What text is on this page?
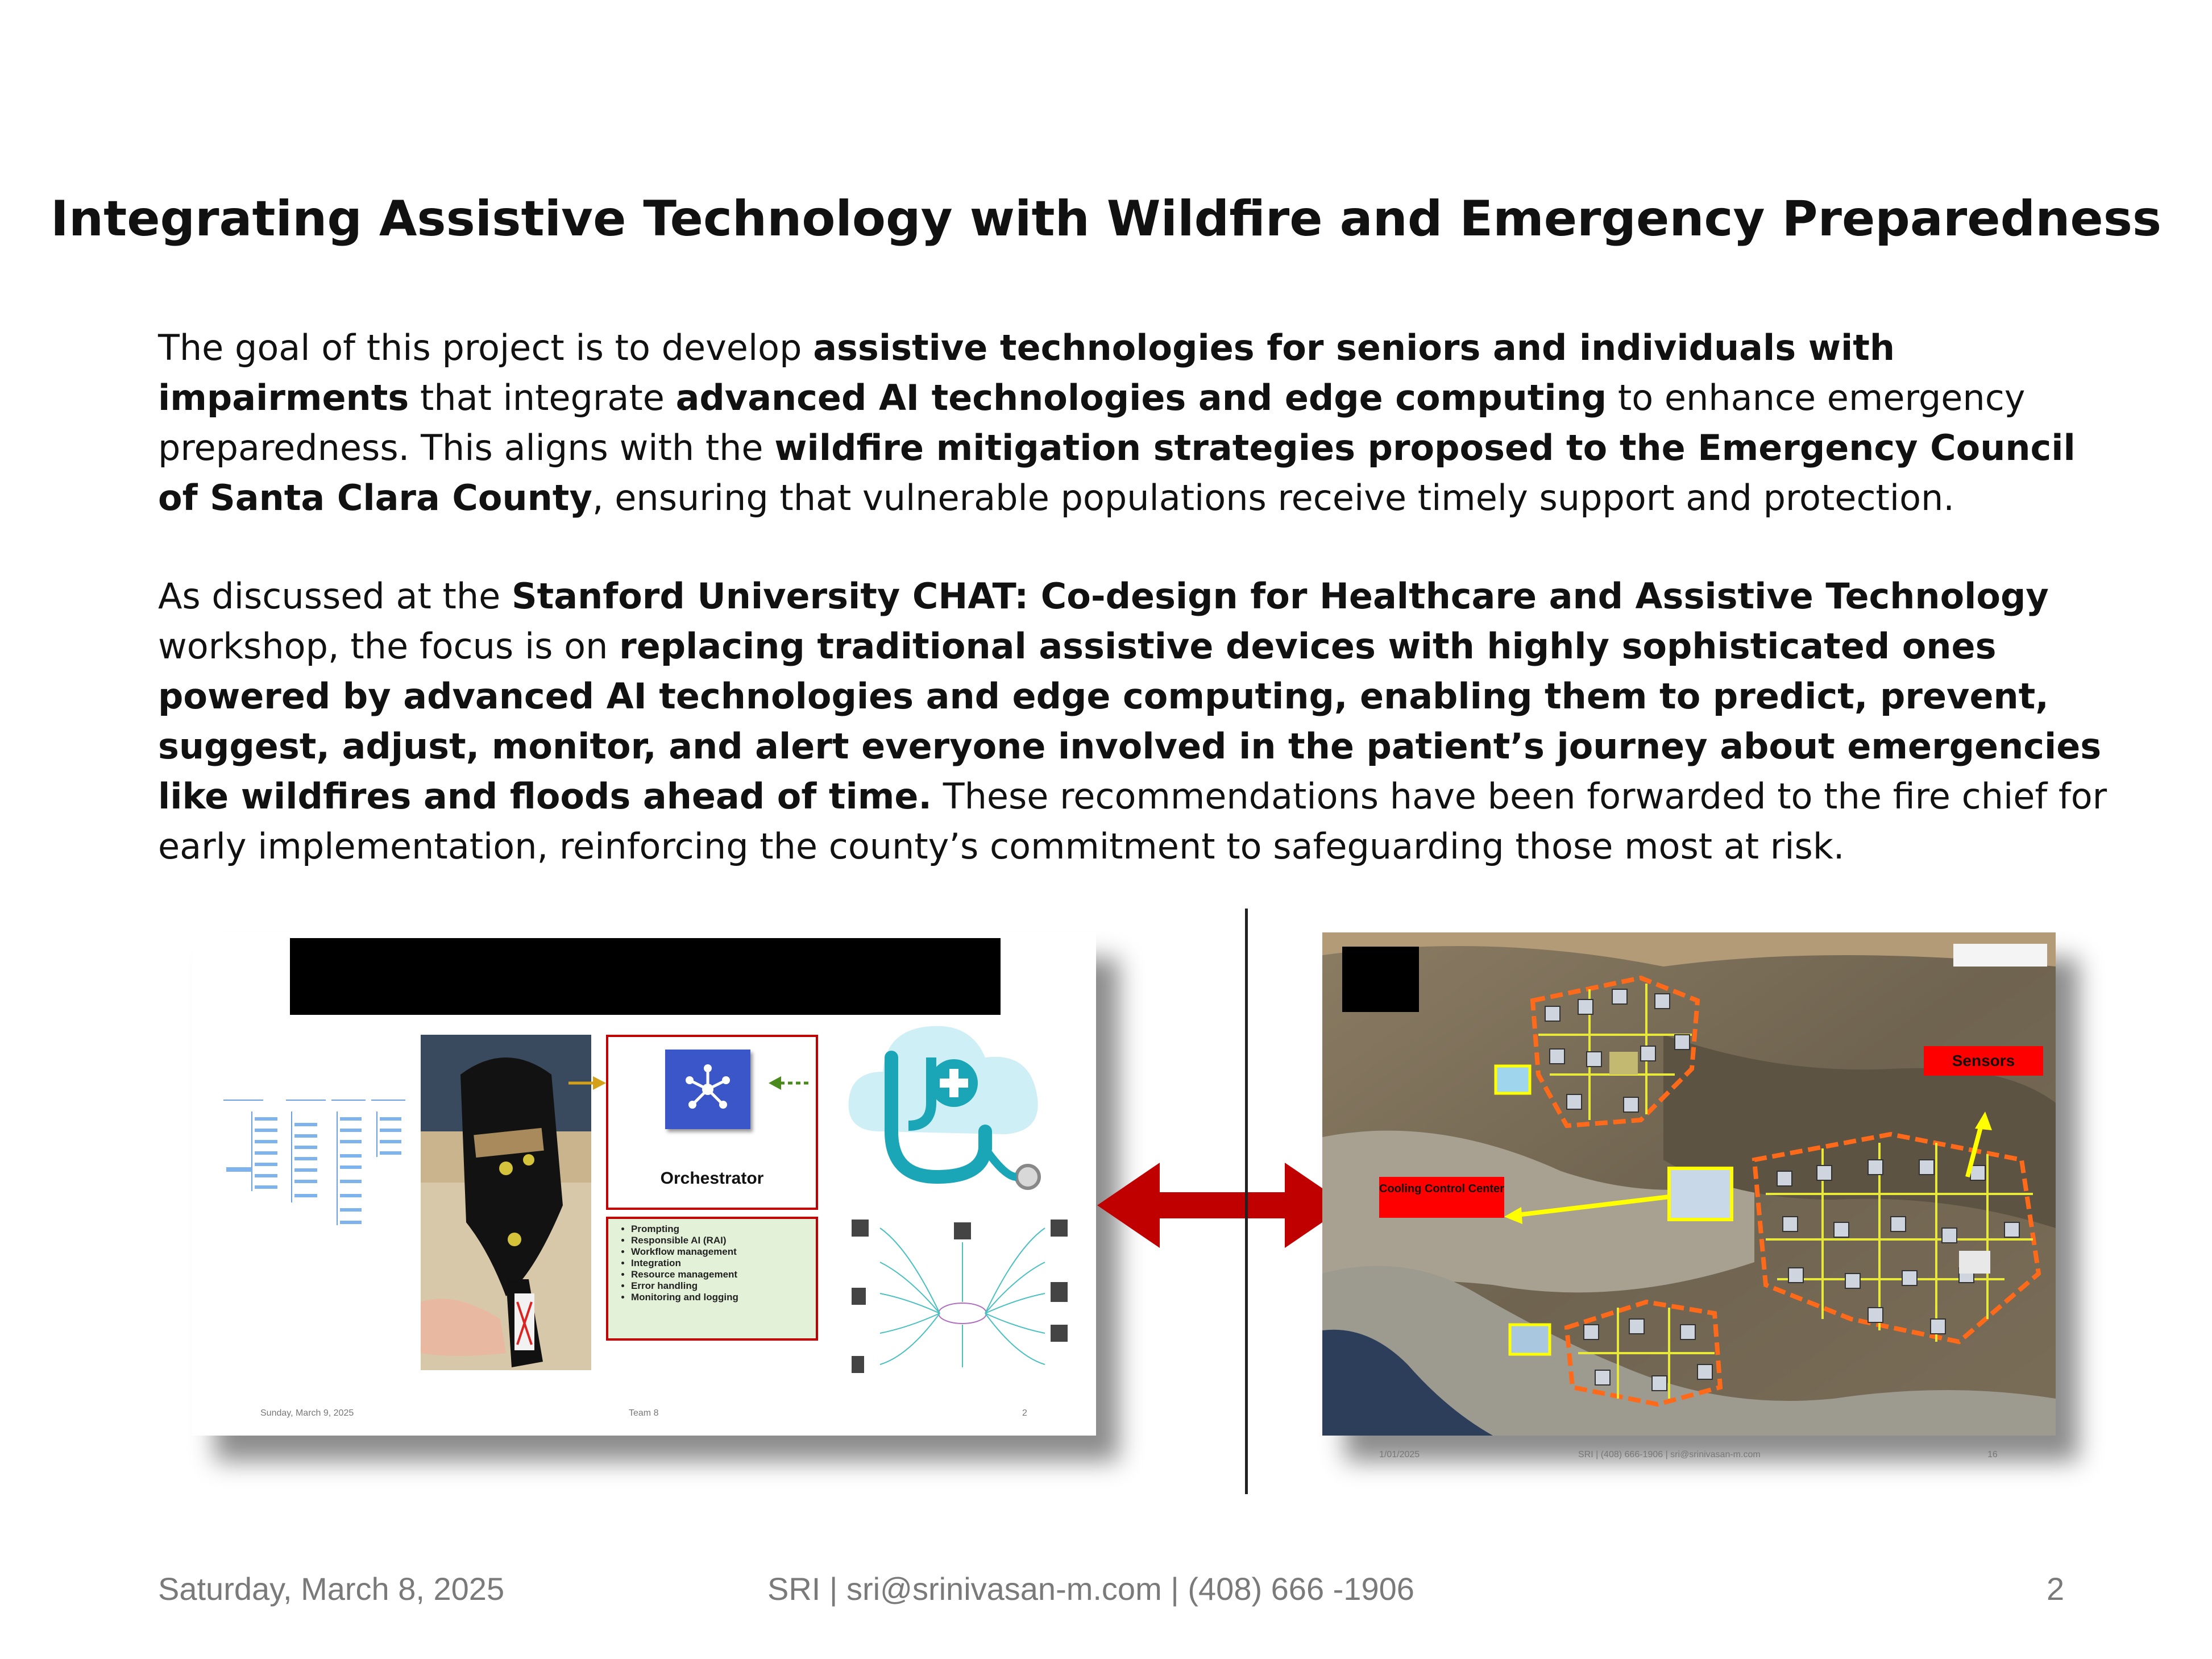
Integrating Assistive Technology with Wildfire and Emergency Preparedness
The goal of this project is to develop assistive technologies for seniors and individuals with impairments that integrate advanced AI technologies and edge computing to enhance emergency preparedness. This aligns with the wildfire mitigation strategies proposed to the Emergency Council of Santa Clara County, ensuring that vulnerable populations receive timely support and protection.
As discussed at the Stanford University CHAT: Co-design for Healthcare and Assistive Technology workshop, the focus is on replacing traditional assistive devices with highly sophisticated ones powered by advanced AI technologies and edge computing, enabling them to predict, prevent, suggest, adjust, monitor, and alert everyone involved in the patient’s journey about emergencies like wildfires and floods ahead of time. These recommendations have been forwarded to the fire chief for early implementation, reinforcing the county’s commitment to safeguarding those most at risk.
Orchestrator
• Prompting
• Responsible AI (RAI)
• Workflow management
• Integration
• Resource management
• Error handling
• Monitoring and logging
Sunday, March 9, 2025	Team 8	2
Sensors
Cooling Control Center
1/01/2025	SRI | (408) 666-1906 | sri@srinivasan-m.com	16
Saturday, March 8, 2025	SRI | sri@srinivasan-m.com | (408) 666 -1906	2
